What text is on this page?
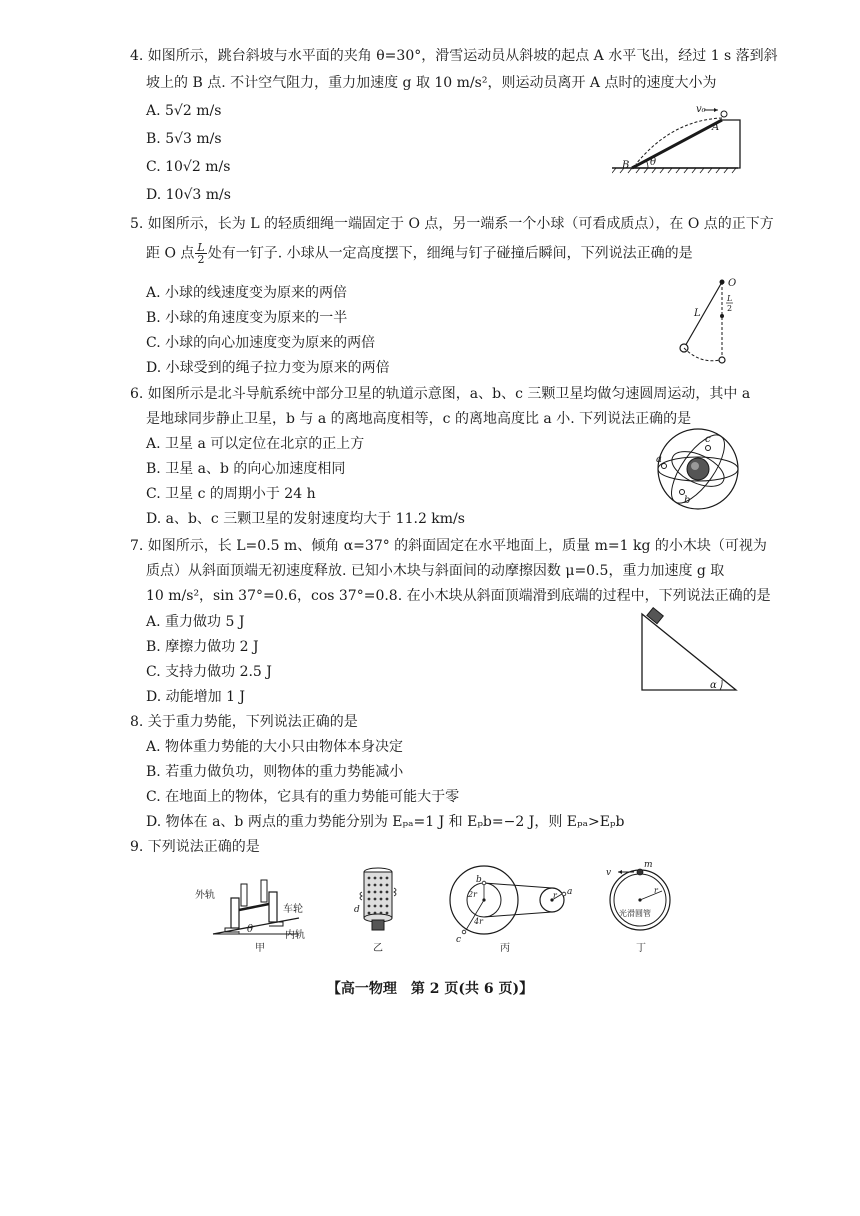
4. 如图所示，跳台斜坡与水平面的夹角 θ=30°，滑雪运动员从斜坡的起点 A 水平飞出，经过 1 s 落到斜
坡上的 B 点. 不计空气阻力，重力加速度 g 取 10 m/s²，则运动员离开 A 点时的速度大小为
A. 5√2 m/s
B. 5√3 m/s
C. 10√2 m/s
D. 10√3 m/s
v₀
A
B θ
5. 如图所示，长为 L 的轻质细绳一端固定于 O 点，另一端系一个小球（可看成质点），在 O 点的正下方
距 O 点 $\frac{L}{2}$ 处有一钉子. 小球从一定高度摆下，细绳与钉子碰撞后瞬间，下列说法正确的是
A. 小球的线速度变为原来的两倍
B. 小球的角速度变为原来的一半
C. 小球的向心加速度变为原来的两倍
D. 小球受到的绳子拉力变为原来的两倍
O
L
L
2
6. 如图所示是北斗导航系统中部分卫星的轨道示意图，a、b、c 三颗卫星均做匀速圆周运动，其中 a
是地球同步静止卫星，b 与 a 的离地高度相等，c 的离地高度比 a 小. 下列说法正确的是
A. 卫星 a 可以定位在北京的正上方
B. 卫星 a、b 的向心加速度相同
C. 卫星 c 的周期小于 24 h
D. a、b、c 三颗卫星的发射速度均大于 11.2 km/s
a
b
c
7. 如图所示，长 L=0.5 m、倾角 α=37° 的斜面固定在水平地面上，质量 m=1 kg 的小木块（可视为
质点）从斜面顶端无初速度释放. 已知小木块与斜面间的动摩擦因数 μ=0.5，重力加速度 g 取
10 m/s²，sin 37°=0.6，cos 37°=0.8. 在小木块从斜面顶端滑到底端的过程中，下列说法正确的是
A. 重力做功 5 J
B. 摩擦力做功 2 J
C. 支持力做功 2.5 J
D. 动能增加 1 J
α
8. 关于重力势能，下列说法正确的是
A. 物体重力势能的大小只由物体本身决定
B. 若重力做负功，则物体的重力势能减小
C. 在地面上的物体，它具有的重力势能可能大于零
D. 物体在 a、b 两点的重力势能分别为 Eₚₐ=1 J 和 Eₚb=−2 J，则 Eₚₐ>Eₚb
9. 下列说法正确的是
外轨
车轮
内轨
θ
甲
d
乙
a
b
c
r
2r
4r
丙
m
v
r
光滑圆管
丁
【高一物理　第 2 页(共 6 页)】
